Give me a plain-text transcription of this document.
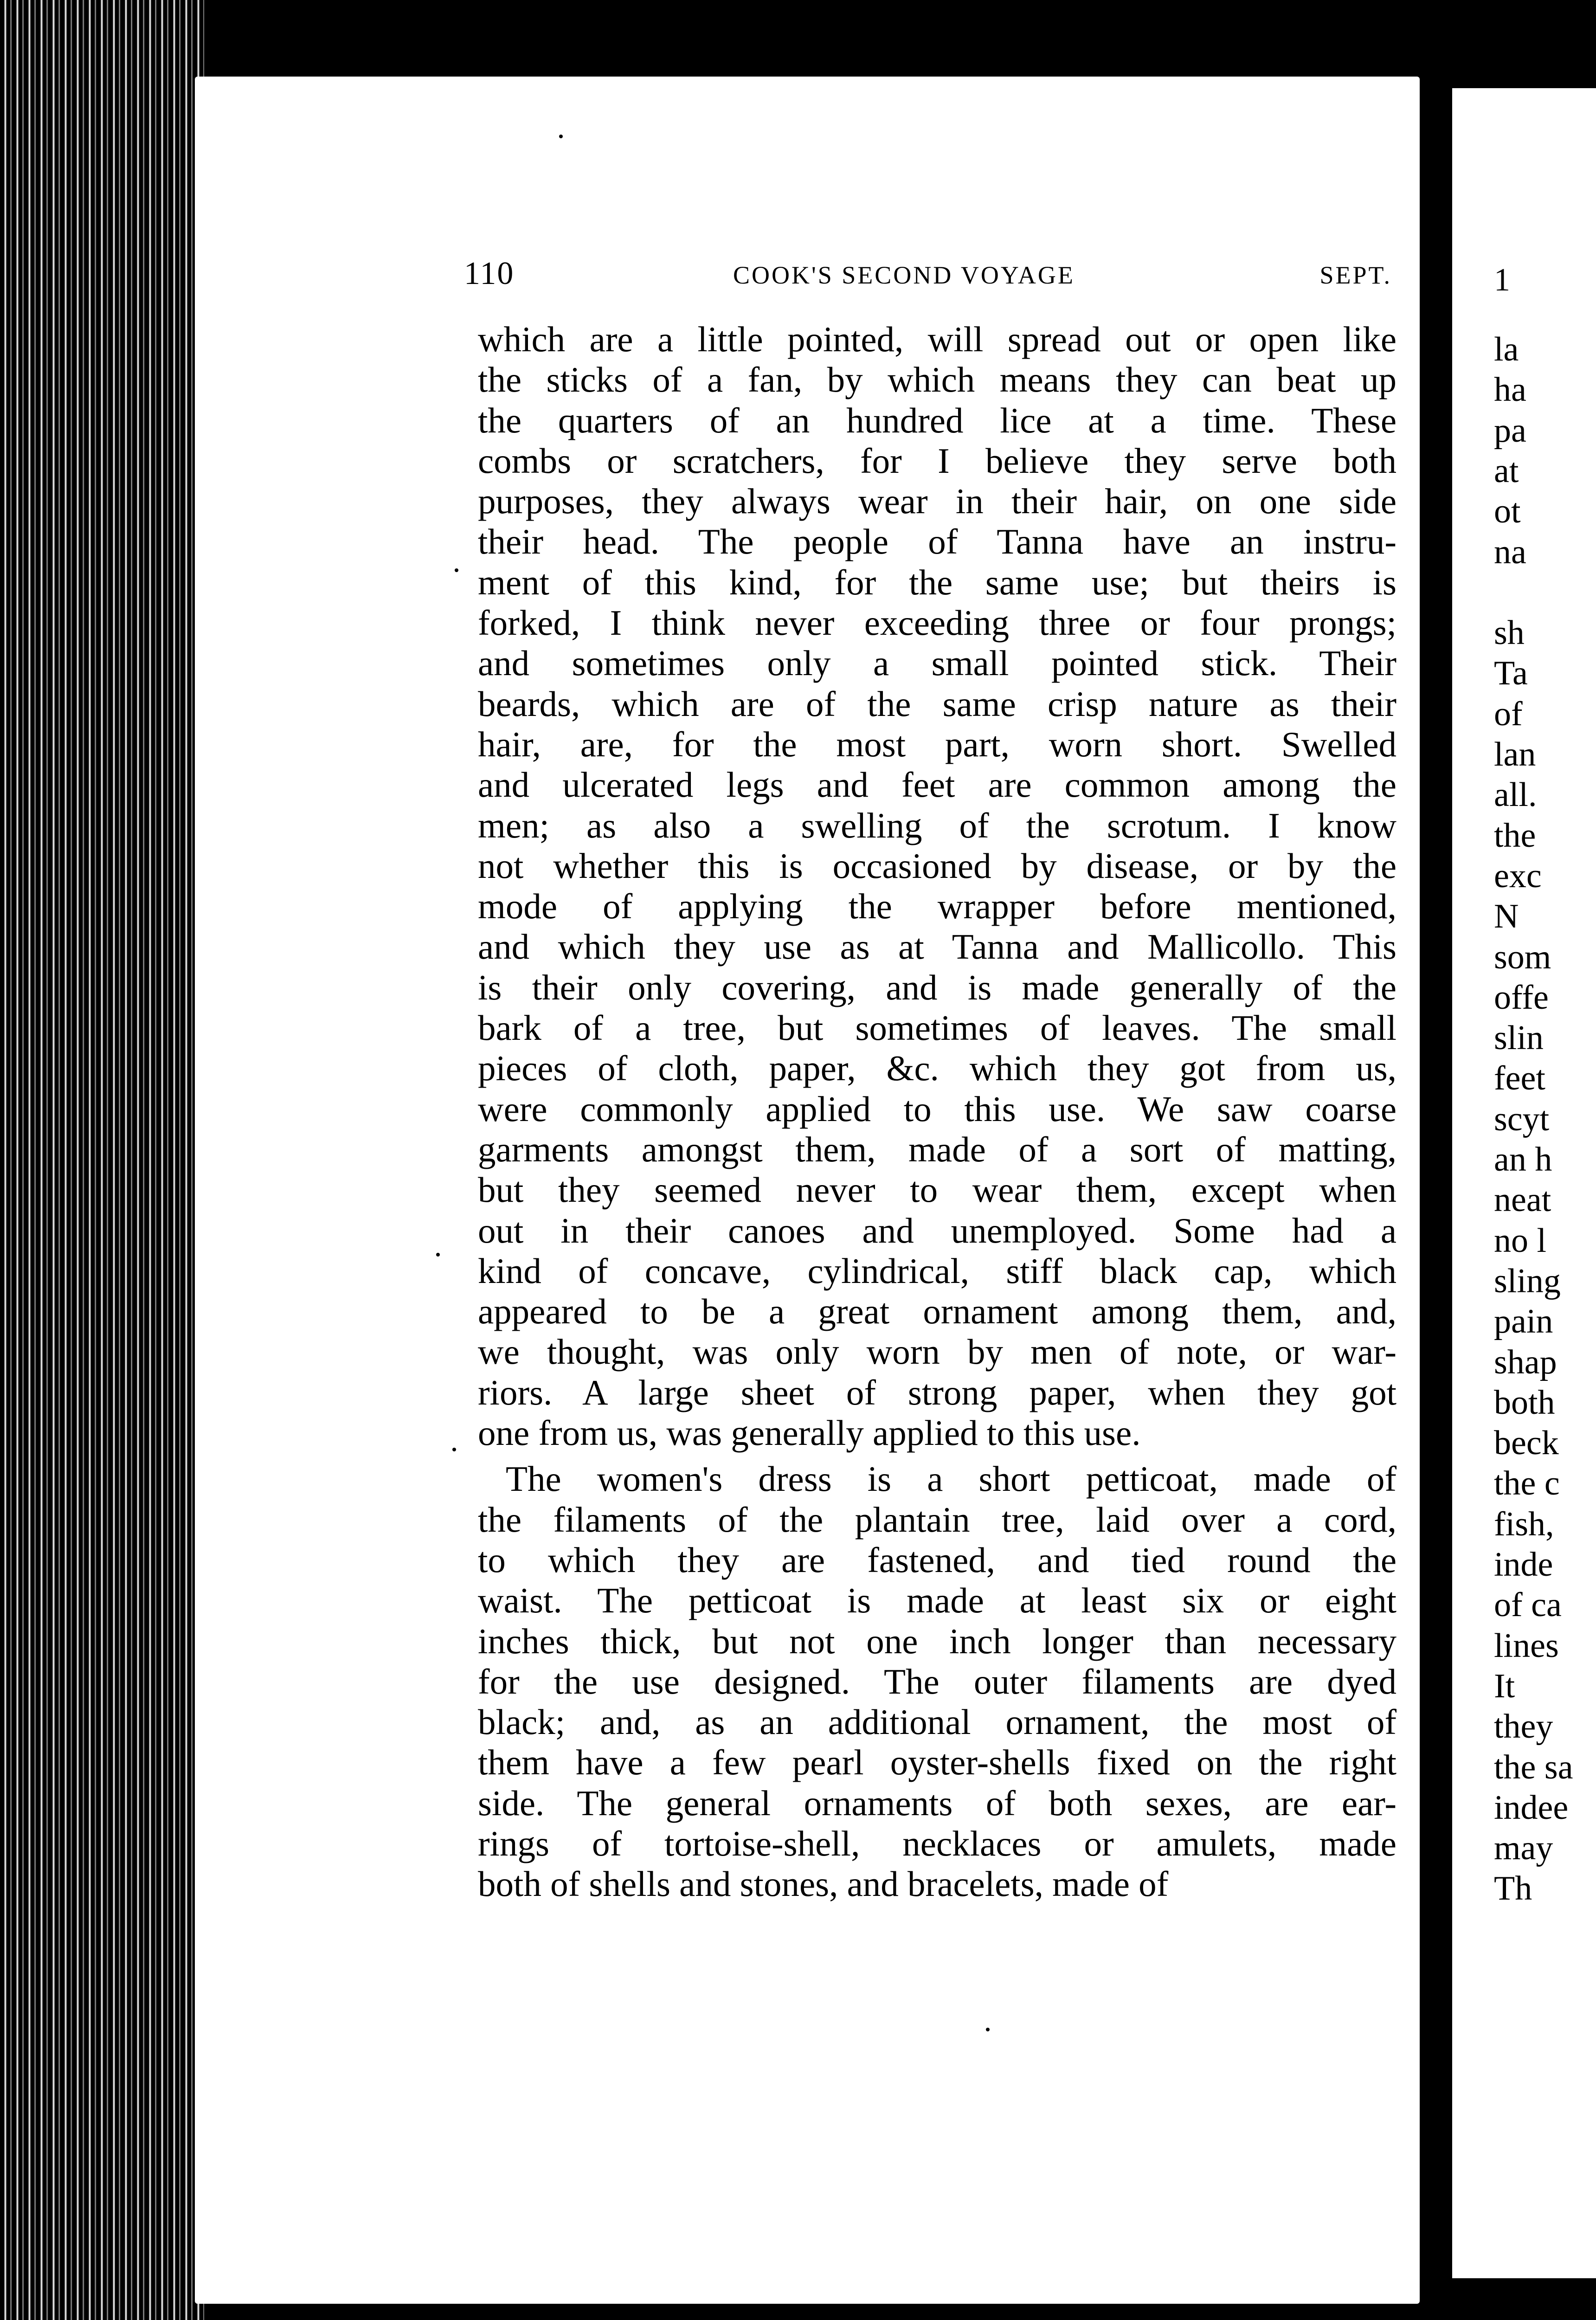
1
la
ha
pa
at
ot
na
sh
Ta
of
lan
all.
the
exc
N
som
offe
slin
feet
scyt
an h
neat
no l
sling
pain
shap
both
beck
the c
fish,
inde
of ca
lines
It
they
the sa
indee
may
Th
110	COOK'S SECOND VOYAGE	SEPT.
which are a little pointed, will spread out or open like
the sticks of a fan, by which means they can beat up
the quarters of an hundred lice at a time. These
combs or scratchers, for I believe they serve both
purposes, they always wear in their hair, on one side
their head. The people of Tanna have an instru-
ment of this kind, for the same use; but theirs is
forked, I think never exceeding three or four prongs;
and sometimes only a small pointed stick. Their
beards, which are of the same crisp nature as their
hair, are, for the most part, worn short. Swelled
and ulcerated legs and feet are common among the
men; as also a swelling of the scrotum. I know
not whether this is occasioned by disease, or by the
mode of applying the wrapper before mentioned,
and which they use as at Tanna and Mallicollo. This
is their only covering, and is made generally of the
bark of a tree, but sometimes of leaves. The small
pieces of cloth, paper, &c. which they got from us,
were commonly applied to this use. We saw coarse
garments amongst them, made of a sort of matting,
but they seemed never to wear them, except when
out in their canoes and unemployed. Some had a
kind of concave, cylindrical, stiff black cap, which
appeared to be a great ornament among them, and,
we thought, was only worn by men of note, or war-
riors. A large sheet of strong paper, when they got
one from us, was generally applied to this use.
The women's dress is a short petticoat, made of
the filaments of the plantain tree, laid over a cord,
to which they are fastened, and tied round the
waist. The petticoat is made at least six or eight
inches thick, but not one inch longer than necessary
for the use designed. The outer filaments are dyed
black; and, as an additional ornament, the most of
them have a few pearl oyster-shells fixed on the right
side. The general ornaments of both sexes, are ear-
rings of tortoise-shell, necklaces or amulets, made
both of shells and stones, and bracelets, made of
